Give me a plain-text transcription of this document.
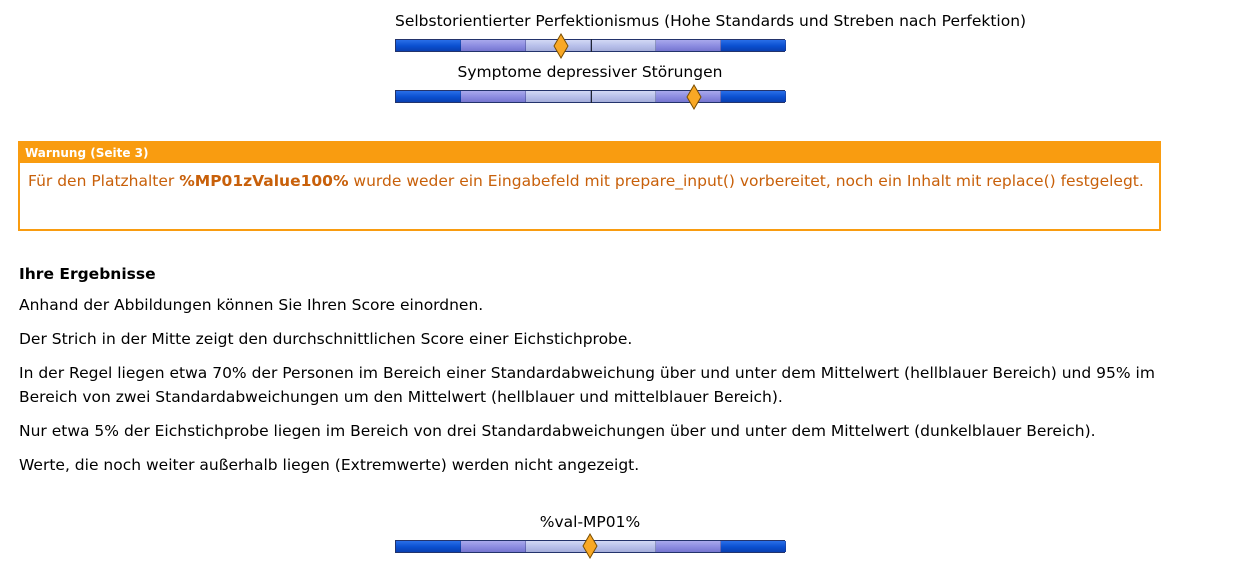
Selbstorientierter Perfektionismus (Hohe Standards und Streben nach Perfektion)
Symptome depressiver Störungen
Warnung (Seite 3)
Für den Platzhalter %MP01zValue100% wurde weder ein Eingabefeld mit prepare_input() vorbereitet, noch ein Inhalt mit replace() festgelegt.
Ihre Ergebnisse

Anhand der Abbildungen können Sie Ihren Score einordnen.

Der Strich in der Mitte zeigt den durchschnittlichen Score einer Eichstichprobe.

In der Regel liegen etwa 70% der Personen im Bereich einer Standardabweichung über und unter dem Mittelwert (hellblauer Bereich) und 95% im Bereich von zwei Standardabweichungen um den Mittelwert (hellblauer und mittelblauer Bereich).

Nur etwa 5% der Eichstichprobe liegen im Bereich von drei Standardabweichungen über und unter dem Mittelwert (dunkelblauer Bereich).

Werte, die noch weiter außerhalb liegen (Extremwerte) werden nicht angezeigt.

%val-MP01%
